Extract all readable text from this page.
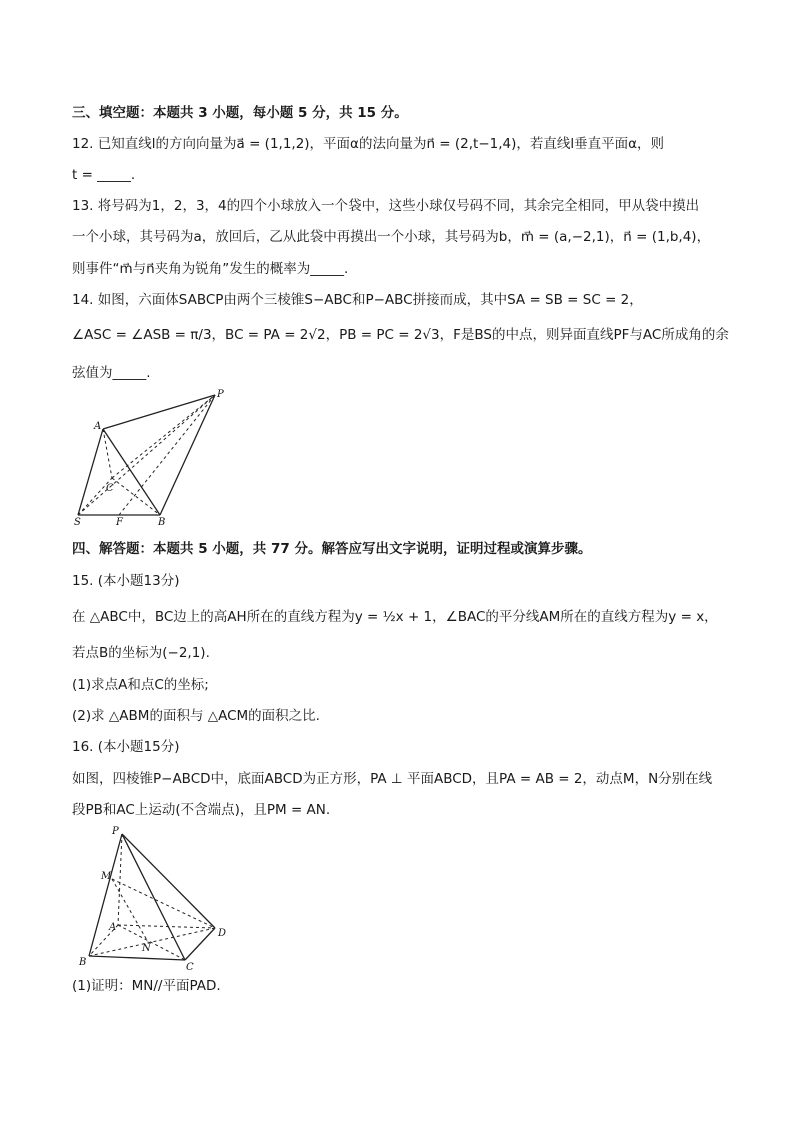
三、填空题：本题共 3 小题，每小题 5 分，共 15 分。
12. 已知直线l的方向向量为a⃗ = (1,1,2)，平面α的法向量为n⃗ = (2,t−1,4)，若直线l垂直平面α，则
t = _____.
13. 将号码为1，2，3，4的四个小球放入一个袋中，这些小球仅号码不同，其余完全相同，甲从袋中摸出
一个小球，其号码为a，放回后，乙从此袋中再摸出一个小球，其号码为b，m⃗ = (a,−2,1)，n⃗ = (1,b,4)，
则事件“m⃗与n⃗夹角为锐角”发生的概率为_____.
14. 如图，六面体SABCP由两个三棱锥S−ABC和P−ABC拼接而成，其中SA = SB = SC = 2，
∠ASC = ∠ASB = π/3，BC = PA = 2√2，PB = PC = 2√3，F是BS的中点，则异面直线PF与AC所成角的余
弦值为_____.
A
P
C
S	F	B
四、解答题：本题共 5 小题，共 77 分。解答应写出文字说明，证明过程或演算步骤。
15. (本小题13分)
在 △ABC中，BC边上的高AH所在的直线方程为y = ½x + 1，∠BAC的平分线AM所在的直线方程为y = x，
若点B的坐标为(−2,1).
(1)求点A和点C的坐标;
(2)求 △ABM的面积与 △ACM的面积之比.
16. (本小题15分)
如图，四棱锥P−ABCD中，底面ABCD为正方形，PA ⊥ 平面ABCD，且PA = AB = 2，动点M，N分别在线
段PB和AC上运动(不含端点)，且PM = AN.
P
M
A
N
D
B	C
(1)证明：MN//平面PAD.
